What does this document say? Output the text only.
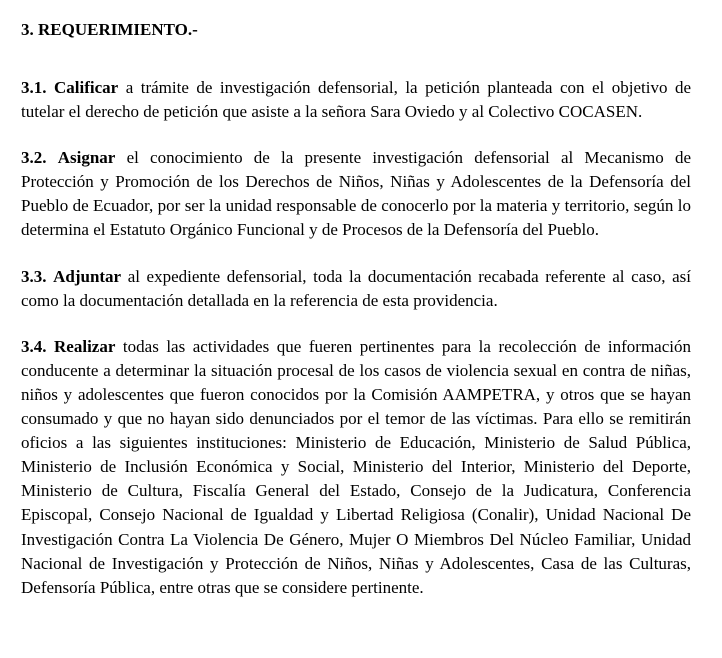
3. REQUERIMIENTO.-

3.1. Calificar a trámite de investigación defensorial, la petición planteada con el objetivo de tutelar el derecho de petición que asiste a la señora Sara Oviedo y al Colectivo COCASEN.

3.2. Asignar el conocimiento de la presente investigación defensorial al Mecanismo de Protección y Promoción de los Derechos de Niños, Niñas y Adolescentes de la Defensoría del Pueblo de Ecuador, por ser la unidad responsable de conocerlo por la materia y territorio, según lo determina el Estatuto Orgánico Funcional y de Procesos de la Defensoría del Pueblo.

3.3. Adjuntar al expediente defensorial, toda la documentación recabada referente al caso, así como la documentación detallada en la referencia de esta providencia.

3.4. Realizar todas las actividades que fueren pertinentes para la recolección de información conducente a determinar la situación procesal de los casos de violencia sexual en contra de niñas, niños y adolescentes que fueron conocidos por la Comisión AAMPETRA, y otros que se hayan consumado y que no hayan sido denunciados por el temor de las víctimas. Para ello se remitirán oficios a las siguientes instituciones: Ministerio de Educación, Ministerio de Salud Pública, Ministerio de Inclusión Económica y Social, Ministerio del Interior, Ministerio del Deporte, Ministerio de Cultura, Fiscalía General del Estado, Consejo de la Judicatura, Conferencia Episcopal, Consejo Nacional de Igualdad y Libertad Religiosa (Conalir), Unidad Nacional De Investigación Contra La Violencia De Género, Mujer O Miembros Del Núcleo Familiar, Unidad Nacional de Investigación y Protección de Niños, Niñas y Adolescentes, Casa de las Culturas, Defensoría Pública, entre otras que se considere pertinente.
